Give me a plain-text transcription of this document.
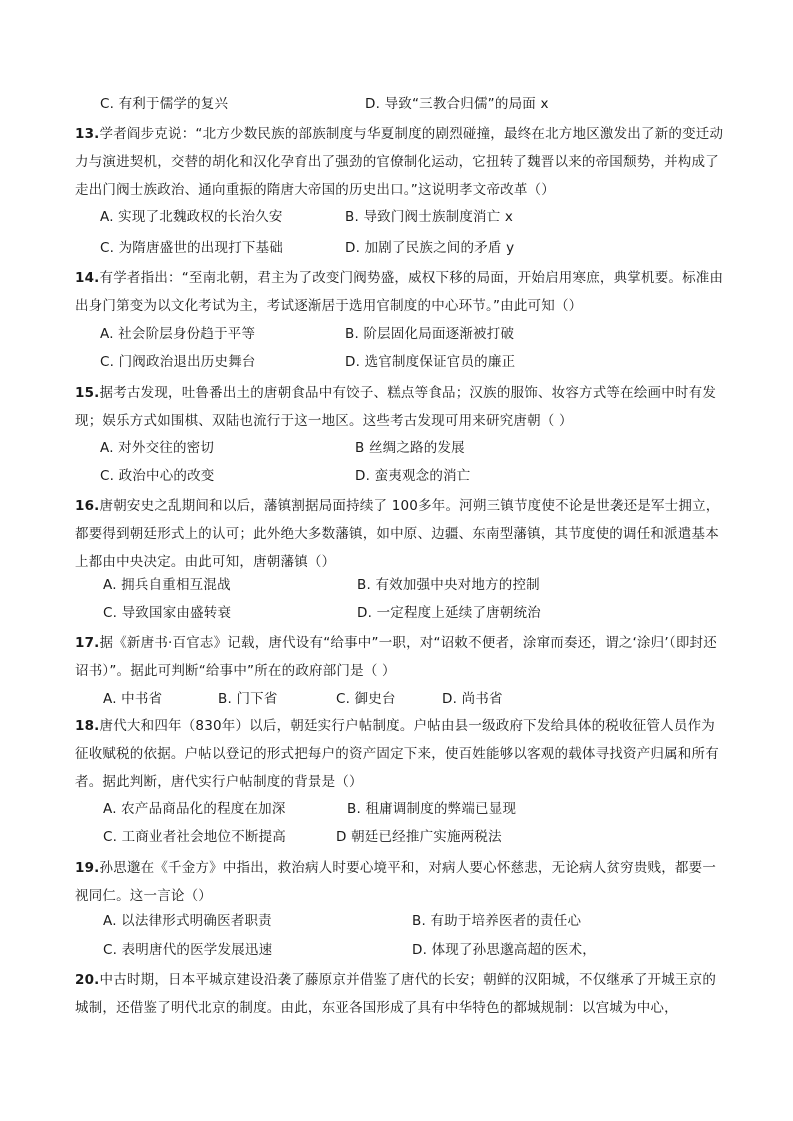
C. 有利于儒学的复兴	D. 导致“三教合归儒”的局面 x
13.学者阎步克说：“北方少数民族的部族制度与华夏制度的剧烈碰撞，最终在北方地区激发出了新的变迁动力与演进契机，交替的胡化和汉化孕育出了强劲的官僚制化运动，它扭转了魏晋以来的帝国颓势，并构成了走出门阀士族政治、通向重振的隋唐大帝国的历史出口。”这说明孝文帝改革（）
A. 实现了北魏政权的长治久安	B. 导致门阀士族制度消亡 x
C. 为隋唐盛世的出现打下基础	D. 加剧了民族之间的矛盾 y
14.有学者指出：“至南北朝，君主为了改变门阀势盛，威权下移的局面，开始启用寒庶，典掌机要。标准由出身门第变为以文化考试为主，考试逐渐居于选用官制度的中心环节。”由此可知（）
A. 社会阶层身份趋于平等	B. 阶层固化局面逐渐被打破
C. 门阀政治退出历史舞台	D. 选官制度保证官员的廉正
15.据考古发现，吐鲁番出土的唐朝食品中有饺子、糕点等食品；汉族的服饰、妆容方式等在绘画中时有发现；娱乐方式如围棋、双陆也流行于这一地区。这些考古发现可用来研究唐朝（ ）
A. 对外交往的密切	B 丝绸之路的发展
C. 政治中心的改变	D. 蛮夷观念的消亡
16.唐朝安史之乱期间和以后，藩镇割据局面持续了 100多年。河朔三镇节度使不论是世袭还是军士拥立，都要得到朝廷形式上的认可；此外绝大多数藩镇，如中原、边疆、东南型藩镇，其节度使的调任和派遣基本上都由中央决定。由此可知，唐朝藩镇（）
A. 拥兵自重相互混战	B. 有效加强中央对地方的控制
C. 导致国家由盛转衰	D. 一定程度上延续了唐朝统治
17.据《新唐书·百官志》记载，唐代设有“给事中”一职，对“诏敕不便者，涂窜而奏还，谓之‘涂归’（即封还诏书）”。据此可判断“给事中”所在的政府部门是（ ）
A. 中书省	B. 门下省	C. 御史台	D. 尚书省
18.唐代大和四年（830年）以后，朝廷实行户帖制度。户帖由县一级政府下发给具体的税收征管人员作为征收赋税的依据。户帖以登记的形式把每户的资产固定下来，使百姓能够以客观的载体寻找资产归属和所有者。据此判断，唐代实行户帖制度的背景是（）
A. 农产品商品化的程度在加深	B. 租庸调制度的弊端已显现
C. 工商业者社会地位不断提高	D 朝廷已经推广实施两税法
19.孙思邈在《千金方》中指出，救治病人时要心境平和，对病人要心怀慈悲，无论病人贫穷贵贱，都要一视同仁。这一言论（）
A. 以法律形式明确医者职责	B. 有助于培养医者的责任心
C. 表明唐代的医学发展迅速	D. 体现了孙思邈高超的医术，
20.中古时期，日本平城京建设沿袭了藤原京并借鉴了唐代的长安；朝鲜的汉阳城，不仅继承了开城王京的城制，还借鉴了明代北京的制度。由此，东亚各国形成了具有中华特色的都城规制：以宫城为中心，
